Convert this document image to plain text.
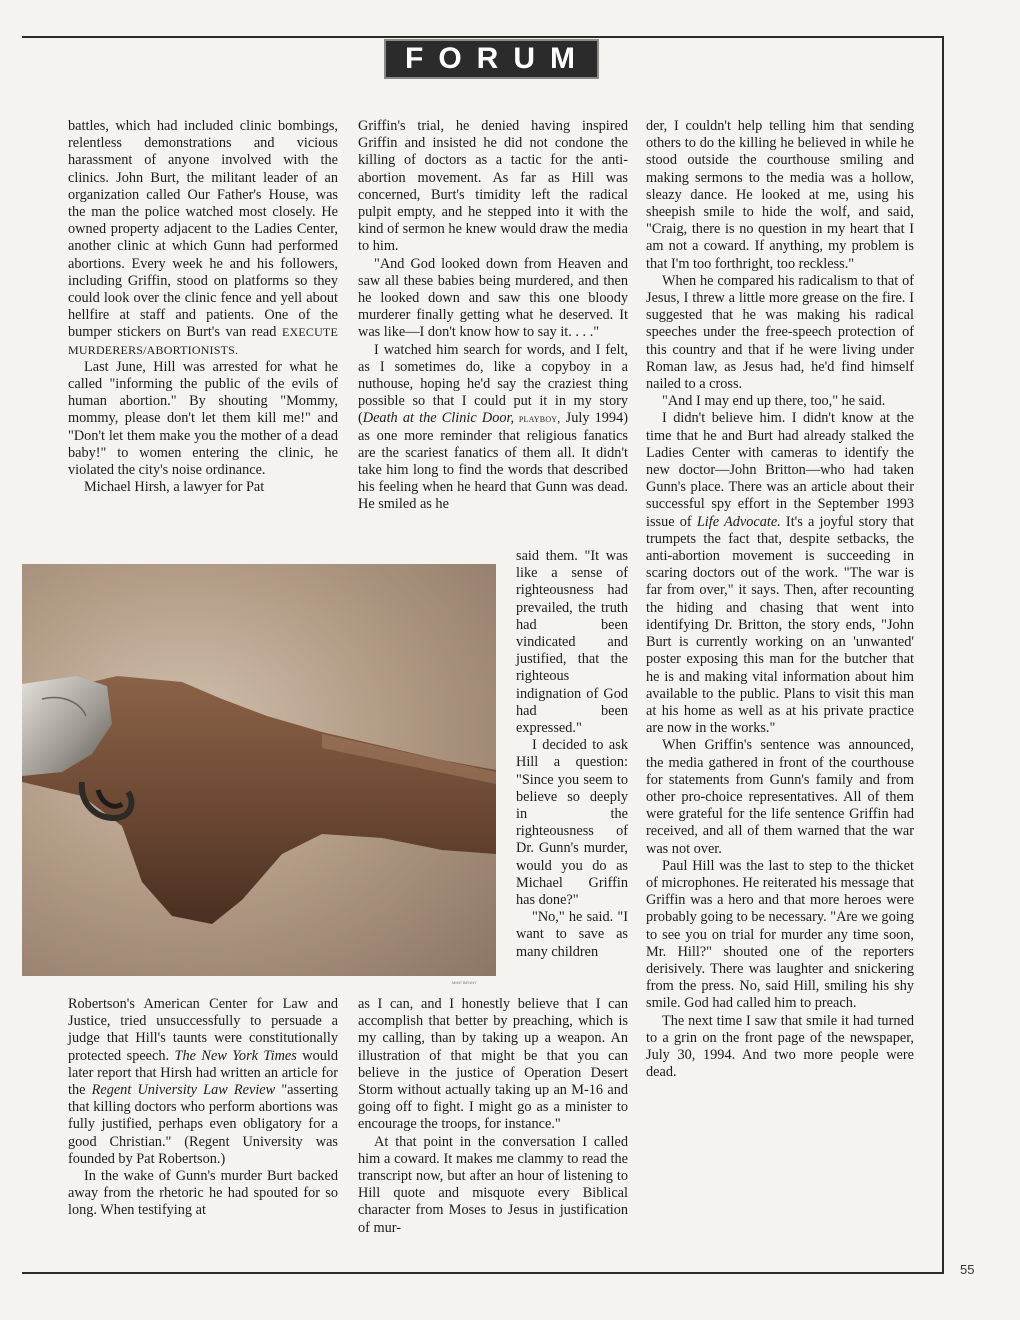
FORUM

battles, which had included clinic bombings, relentless demonstrations and vicious harassment of anyone involved with the clinics. John Burt, the militant leader of an organization called Our Father's House, was the man the police watched most closely. He owned property adjacent to the Ladies Center, another clinic at which Gunn had performed abortions. Every week he and his followers, including Griffin, stood on platforms so they could look over the clinic fence and yell about hellfire at staff and patients. One of the bumper stickers on Burt's van read EXECUTE MURDERERS/ABORTIONISTS.

Last June, Hill was arrested for what he called "informing the public of the evils of human abortion." By shouting "Mommy, mommy, please don't let them kill me!" and "Don't let them make you the mother of a dead baby!" to women entering the clinic, he violated the city's noise ordinance.

Michael Hirsh, a lawyer for Pat

MIKE BENNY

Griffin's trial, he denied having inspired Griffin and insisted he did not condone the killing of doctors as a tactic for the anti-abortion movement. As far as Hill was concerned, Burt's timidity left the radical pulpit empty, and he stepped into it with the kind of sermon he knew would draw the media to him.

"And God looked down from Heaven and saw all these babies being murdered, and then he looked down and saw this one bloody murderer finally getting what he deserved. It was like—I don't know how to say it. . . ."

I watched him search for words, and I felt, as I sometimes do, like a copyboy in a nuthouse, hoping he'd say the craziest thing possible so that I could put it in my story (Death at the Clinic Door, playboy, July 1994) as one more reminder that religious fanatics are the scariest fanatics of them all. It didn't take him long to find the words that described his feeling when he heard that Gunn was dead. He smiled as he

said them. "It was like a sense of righteousness had prevailed, the truth had been vindicated and justified, that the righteous indignation of God had been expressed."

I decided to ask Hill a question: "Since you seem to believe so deeply in the righteousness of Dr. Gunn's murder, would you do as Michael Griffin has done?"

"No," he said. "I want to save as many children

Robertson's American Center for Law and Justice, tried unsuccessfully to persuade a judge that Hill's taunts were constitutionally protected speech. The New York Times would later report that Hirsh had written an article for the Regent University Law Review "asserting that killing doctors who perform abortions was fully justified, perhaps even obligatory for a good Christian." (Regent University was founded by Pat Robertson.)

In the wake of Gunn's murder Burt backed away from the rhetoric he had spouted for so long. When testifying at

as I can, and I honestly believe that I can accomplish that better by preaching, which is my calling, than by taking up a weapon. An illustration of that might be that you can believe in the justice of Operation Desert Storm without actually taking up an M-16 and going off to fight. I might go as a minister to encourage the troops, for instance."

At that point in the conversation I called him a coward. It makes me clammy to read the transcript now, but after an hour of listening to Hill quote and misquote every Biblical character from Moses to Jesus in justification of mur-

der, I couldn't help telling him that sending others to do the killing he believed in while he stood outside the courthouse smiling and making sermons to the media was a hollow, sleazy dance. He looked at me, using his sheepish smile to hide the wolf, and said, "Craig, there is no question in my heart that I am not a coward. If anything, my problem is that I'm too forthright, too reckless."

When he compared his radicalism to that of Jesus, I threw a little more grease on the fire. I suggested that he was making his radical speeches under the free-speech protection of this country and that if he were living under Roman law, as Jesus had, he'd find himself nailed to a cross.

"And I may end up there, too," he said.

I didn't believe him. I didn't know at the time that he and Burt had already stalked the Ladies Center with cameras to identify the new doctor—John Britton—who had taken Gunn's place. There was an article about their successful spy effort in the September 1993 issue of Life Advocate. It's a joyful story that trumpets the fact that, despite setbacks, the anti-abortion movement is succeeding in scaring doctors out of the work. "The war is far from over," it says. Then, after recounting the hiding and chasing that went into identifying Dr. Britton, the story ends, "John Burt is currently working on an 'unwanted' poster exposing this man for the butcher that he is and making vital information about him available to the public. Plans to visit this man at his home as well as at his private practice are now in the works."

When Griffin's sentence was announced, the media gathered in front of the courthouse for statements from Gunn's family and from other pro-choice representatives. All of them were grateful for the life sentence Griffin had received, and all of them warned that the war was not over.

Paul Hill was the last to step to the thicket of microphones. He reiterated his message that Griffin was a hero and that more heroes were probably going to be necessary. "Are we going to see you on trial for murder any time soon, Mr. Hill?" shouted one of the reporters derisively. There was laughter and snickering from the press. No, said Hill, smiling his shy smile. God had called him to preach.

The next time I saw that smile it had turned to a grin on the front page of the newspaper, July 30, 1994. And two more people were dead.

55
